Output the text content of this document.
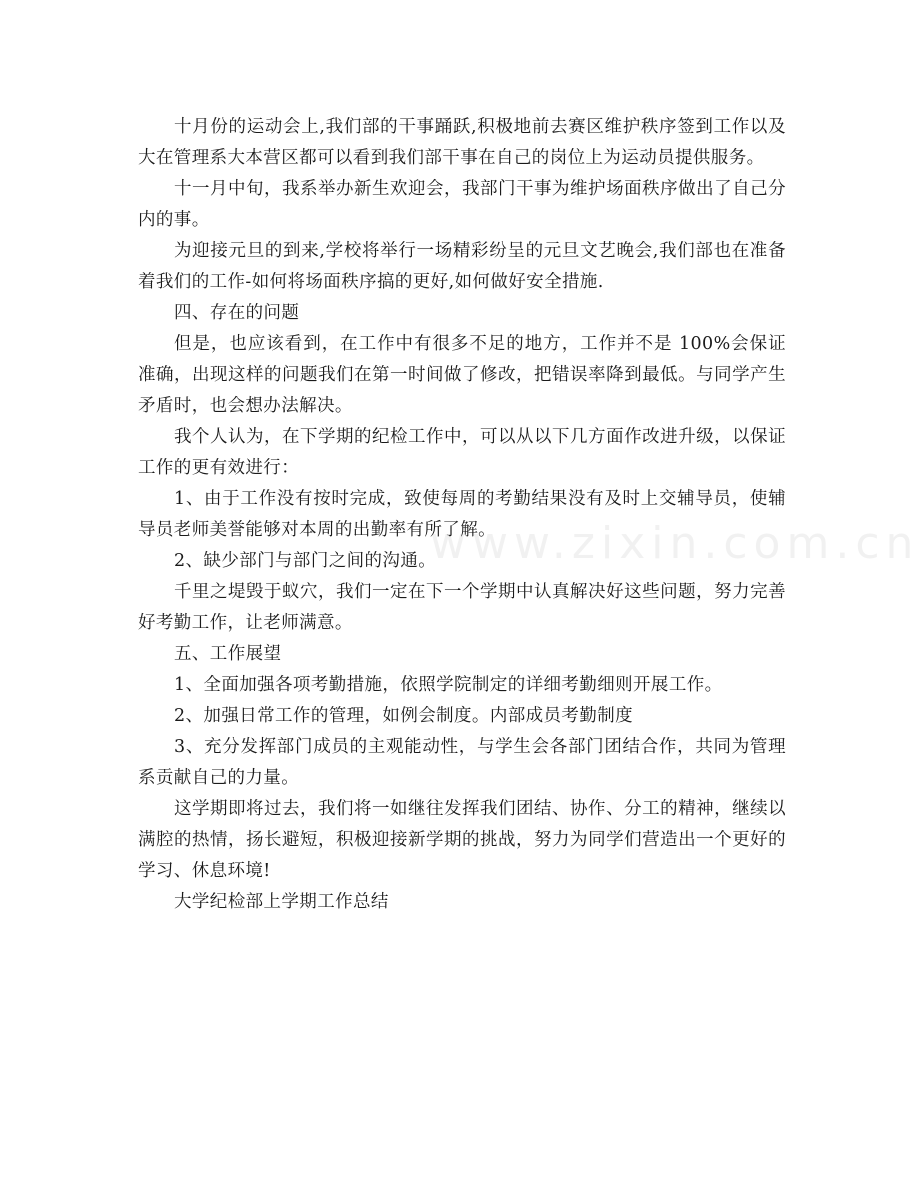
www.zixin.com.cn

十月份的运动会上,我们部的干事踊跃,积极地前去赛区维护秩序签到工作以及大在管理系大本营区都可以看到我们部干事在自己的岗位上为运动员提供服务。

十一月中旬，我系举办新生欢迎会，我部门干事为维护场面秩序做出了自己分内的事。

为迎接元旦的到来,学校将举行一场精彩纷呈的元旦文艺晚会,我们部也在准备着我们的工作-如何将场面秩序搞的更好,如何做好安全措施.

四、存在的问题

但是，也应该看到，在工作中有很多不足的地方，工作并不是 100%会保证准确，出现这样的问题我们在第一时间做了修改，把错误率降到最低。与同学产生矛盾时，也会想办法解决。

我个人认为，在下学期的纪检工作中，可以从以下几方面作改进升级，以保证工作的更有效进行：

1、由于工作没有按时完成，致使每周的考勤结果没有及时上交辅导员，使辅导员老师美誉能够对本周的出勤率有所了解。

2、缺少部门与部门之间的沟通。

千里之堤毁于蚁穴，我们一定在下一个学期中认真解决好这些问题，努力完善好考勤工作，让老师满意。

五、工作展望

1、全面加强各项考勤措施，依照学院制定的详细考勤细则开展工作。

2、加强日常工作的管理，如例会制度。内部成员考勤制度

3、充分发挥部门成员的主观能动性，与学生会各部门团结合作，共同为管理系贡献自己的力量。

这学期即将过去，我们将一如继往发挥我们团结、协作、分工的精神，继续以满腔的热情，扬长避短，积极迎接新学期的挑战，努力为同学们营造出一个更好的学习、休息环境!

大学纪检部上学期工作总结
